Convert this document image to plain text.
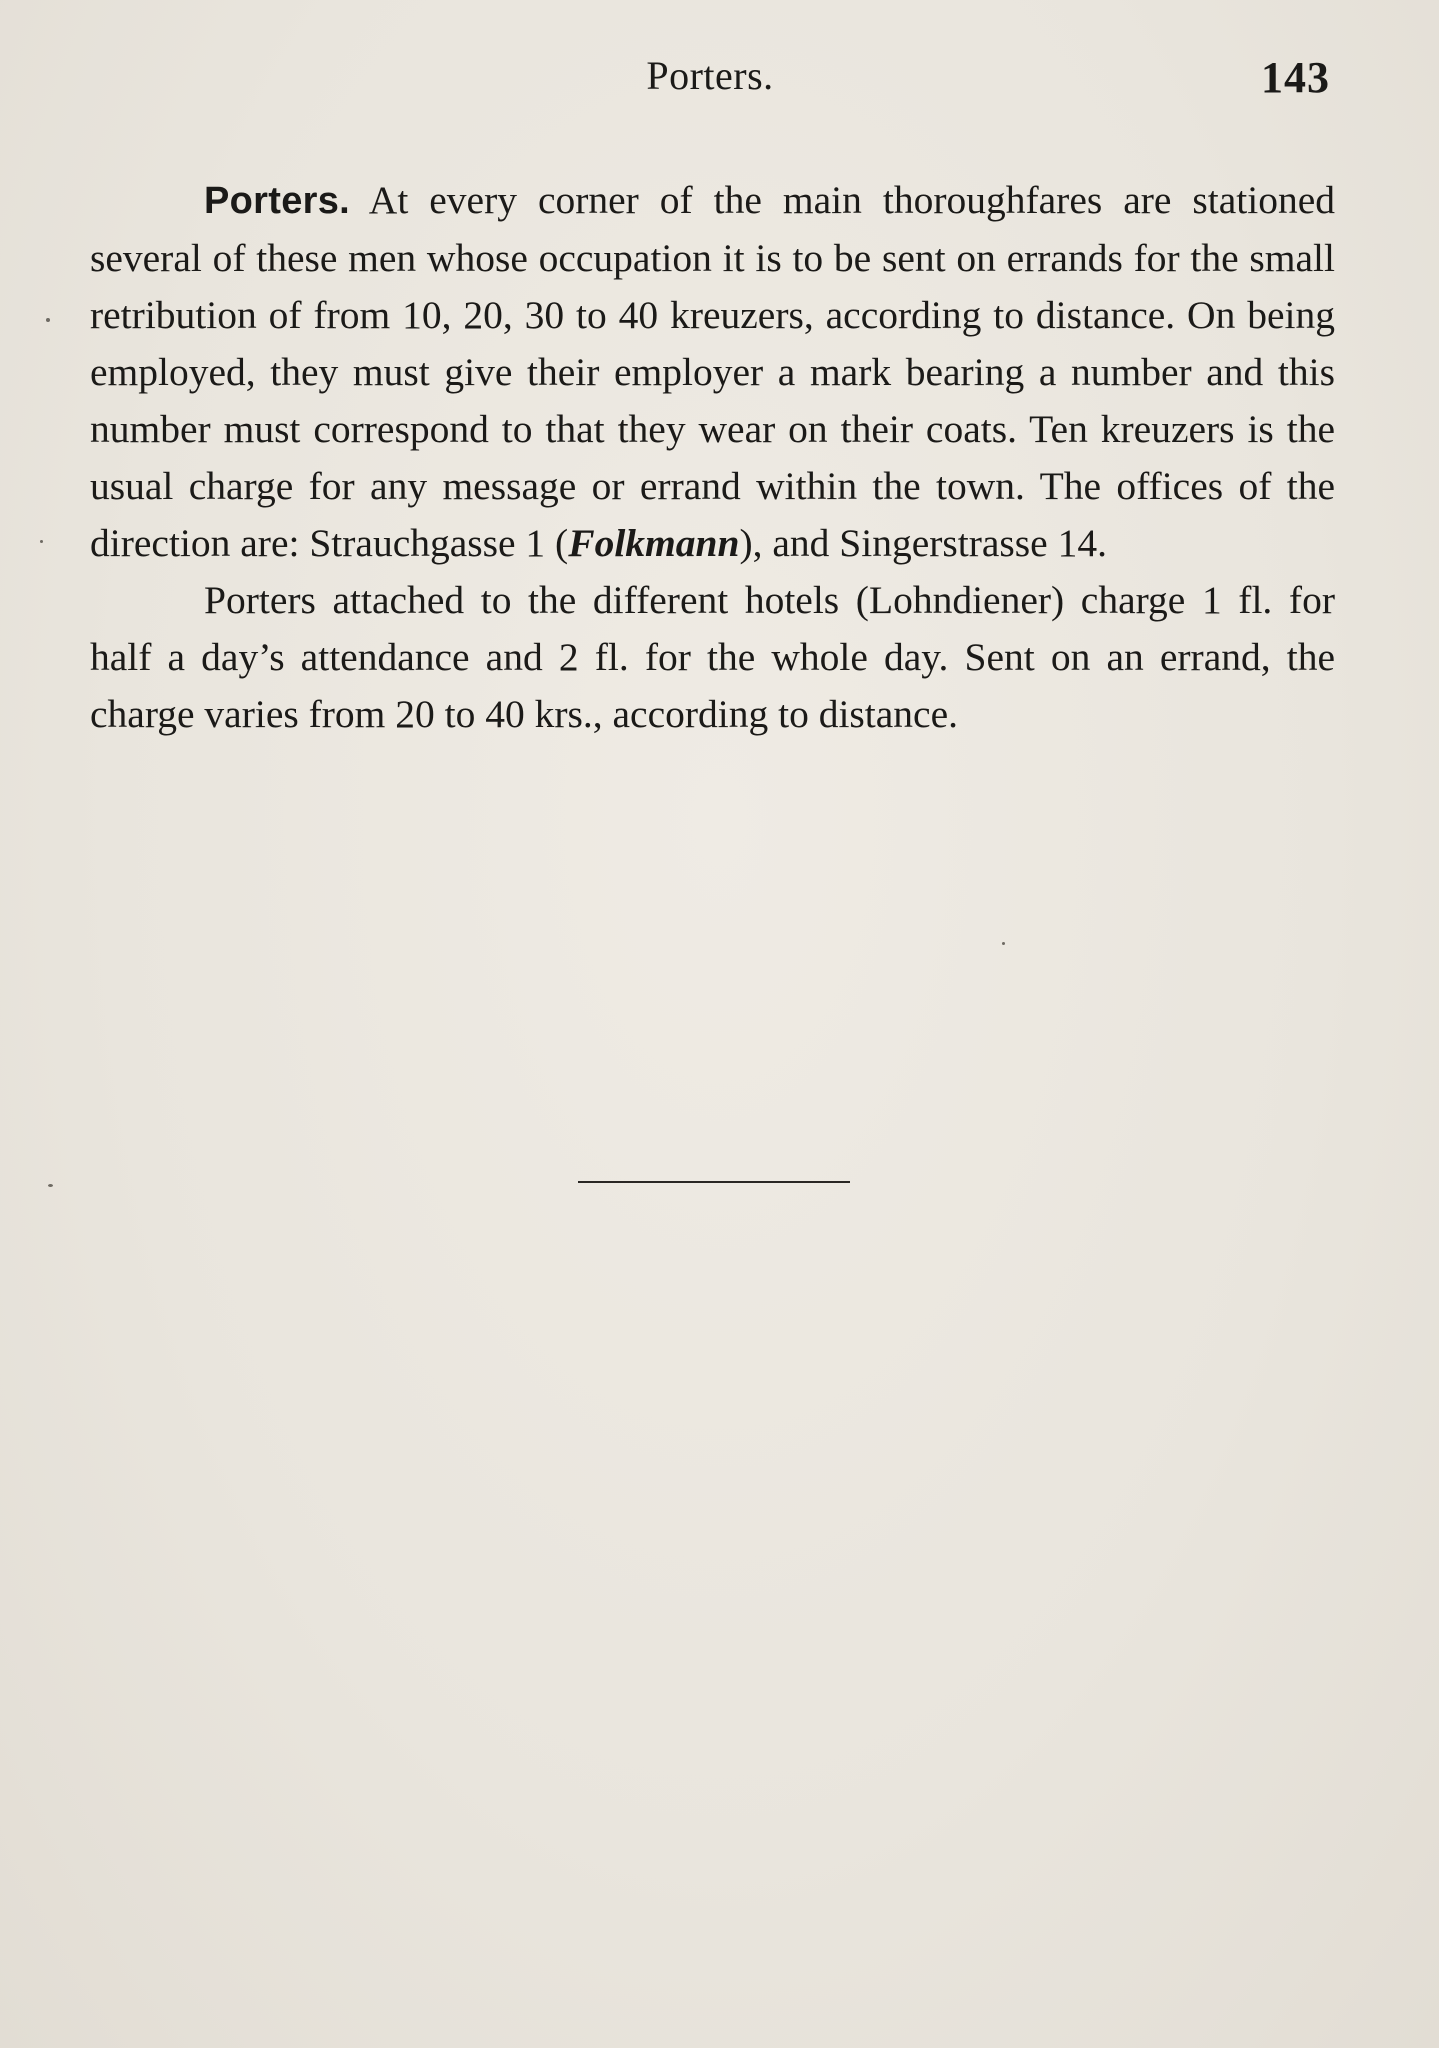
Porters.	143

Porters. At every corner of the main thoroughfares are stationed several of these men whose occupation it is to be sent on errands for the small retribution of from 10, 20, 30 to 40 kreuzers, according to distance. On being employed, they must give their employer a mark bearing a number and this number must correspond to that they wear on their coats. Ten kreuzers is the usual charge for any message or errand within the town. The offices of the direction are: Strauchgasse 1 (Folkmann), and Singerstrasse 14.

Porters attached to the different hotels (Lohndiener) charge 1 fl. for half a day’s attendance and 2 fl. for the whole day. Sent on an errand, the charge varies from 20 to 40 krs., according to distance.
